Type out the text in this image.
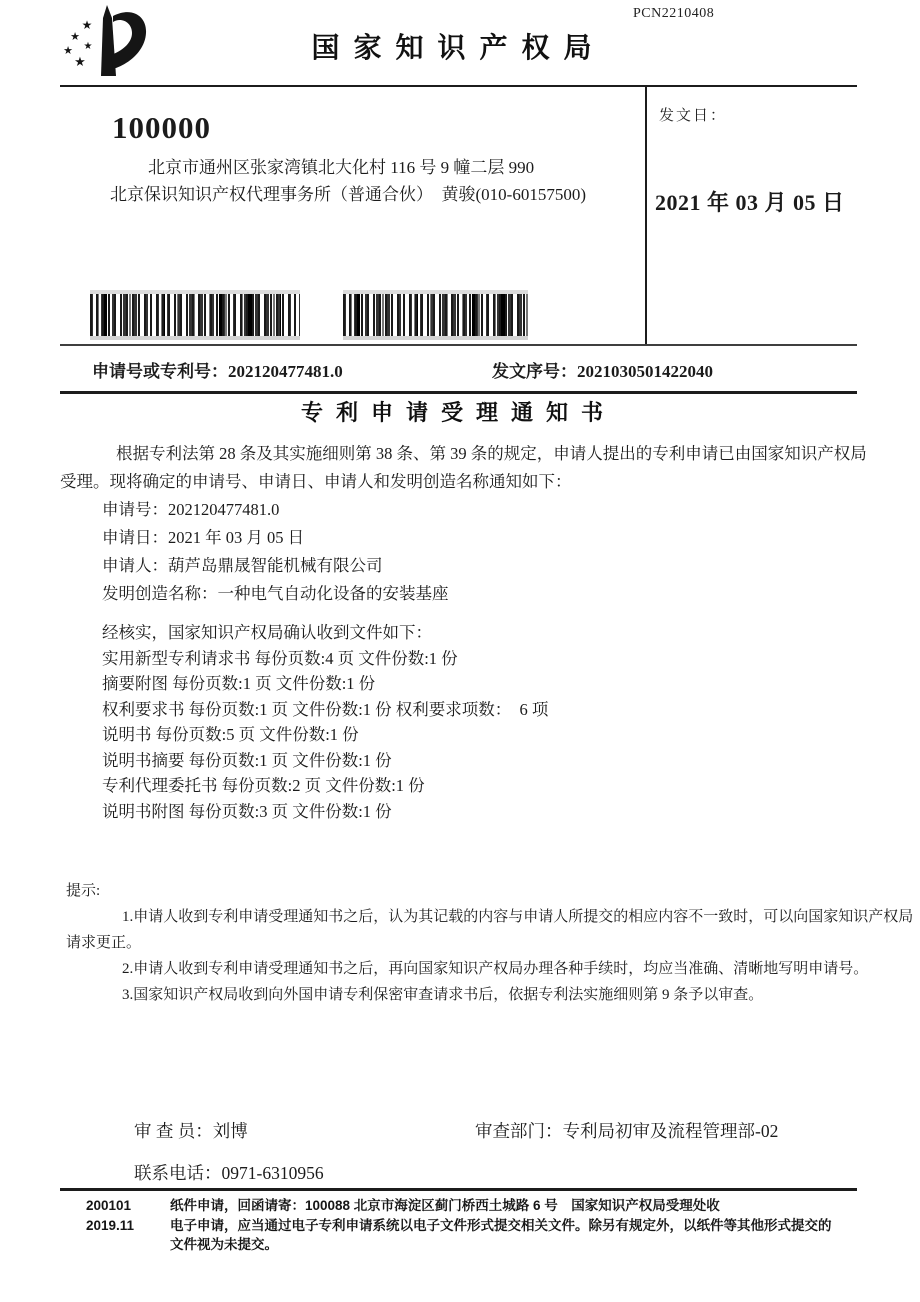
★
★
★
★
★	国家知识产权局
PCN2210408
100000
北京市通州区张家湾镇北大化村 116 号 9 幢二层 990
北京保识知识产权代理事务所（普通合伙）　黄骏(010-60157500)
发文日：
2021 年 03 月 05 日
申请号或专利号：202120477481.0	发文序号：2021030501422040
专利申请受理通知书
根据专利法第 28 条及其实施细则第 38 条、第 39 条的规定，申请人提出的专利申请已由国家知识产权局
受理。现将确定的申请号、申请日、申请人和发明创造名称通知如下：
申请号：202120477481.0
申请日：2021 年 03 月 05 日
申请人：葫芦岛鼎晟智能机械有限公司
发明创造名称：一种电气自动化设备的安装基座
经核实，国家知识产权局确认收到文件如下：
实用新型专利请求书 每份页数:4 页 文件份数:1 份
摘要附图 每份页数:1 页 文件份数:1 份
权利要求书 每份页数:1 页 文件份数:1 份 权利要求项数：　6 项
说明书 每份页数:5 页 文件份数:1 份
说明书摘要 每份页数:1 页 文件份数:1 份
专利代理委托书 每份页数:2 页 文件份数:1 份
说明书附图 每份页数:3 页 文件份数:1 份
提示:
1.申请人收到专利申请受理通知书之后，认为其记载的内容与申请人所提交的相应内容不一致时，可以向国家知识产权局
请求更正。
2.申请人收到专利申请受理通知书之后，再向国家知识产权局办理各种手续时，均应当准确、清晰地写明申请号。
3.国家知识产权局收到向外国申请专利保密审查请求书后，依据专利法实施细则第 9 条予以审查。
审 查 员：刘博	审查部门：专利局初审及流程管理部-02
联系电话：0971-6310956
200101	纸件申请，回函请寄：100088 北京市海淀区蓟门桥西土城路 6 号　国家知识产权局受理处收
2019.11	电子申请，应当通过电子专利申请系统以电子文件形式提交相关文件。除另有规定外，以纸件等其他形式提交的
文件视为未提交。
